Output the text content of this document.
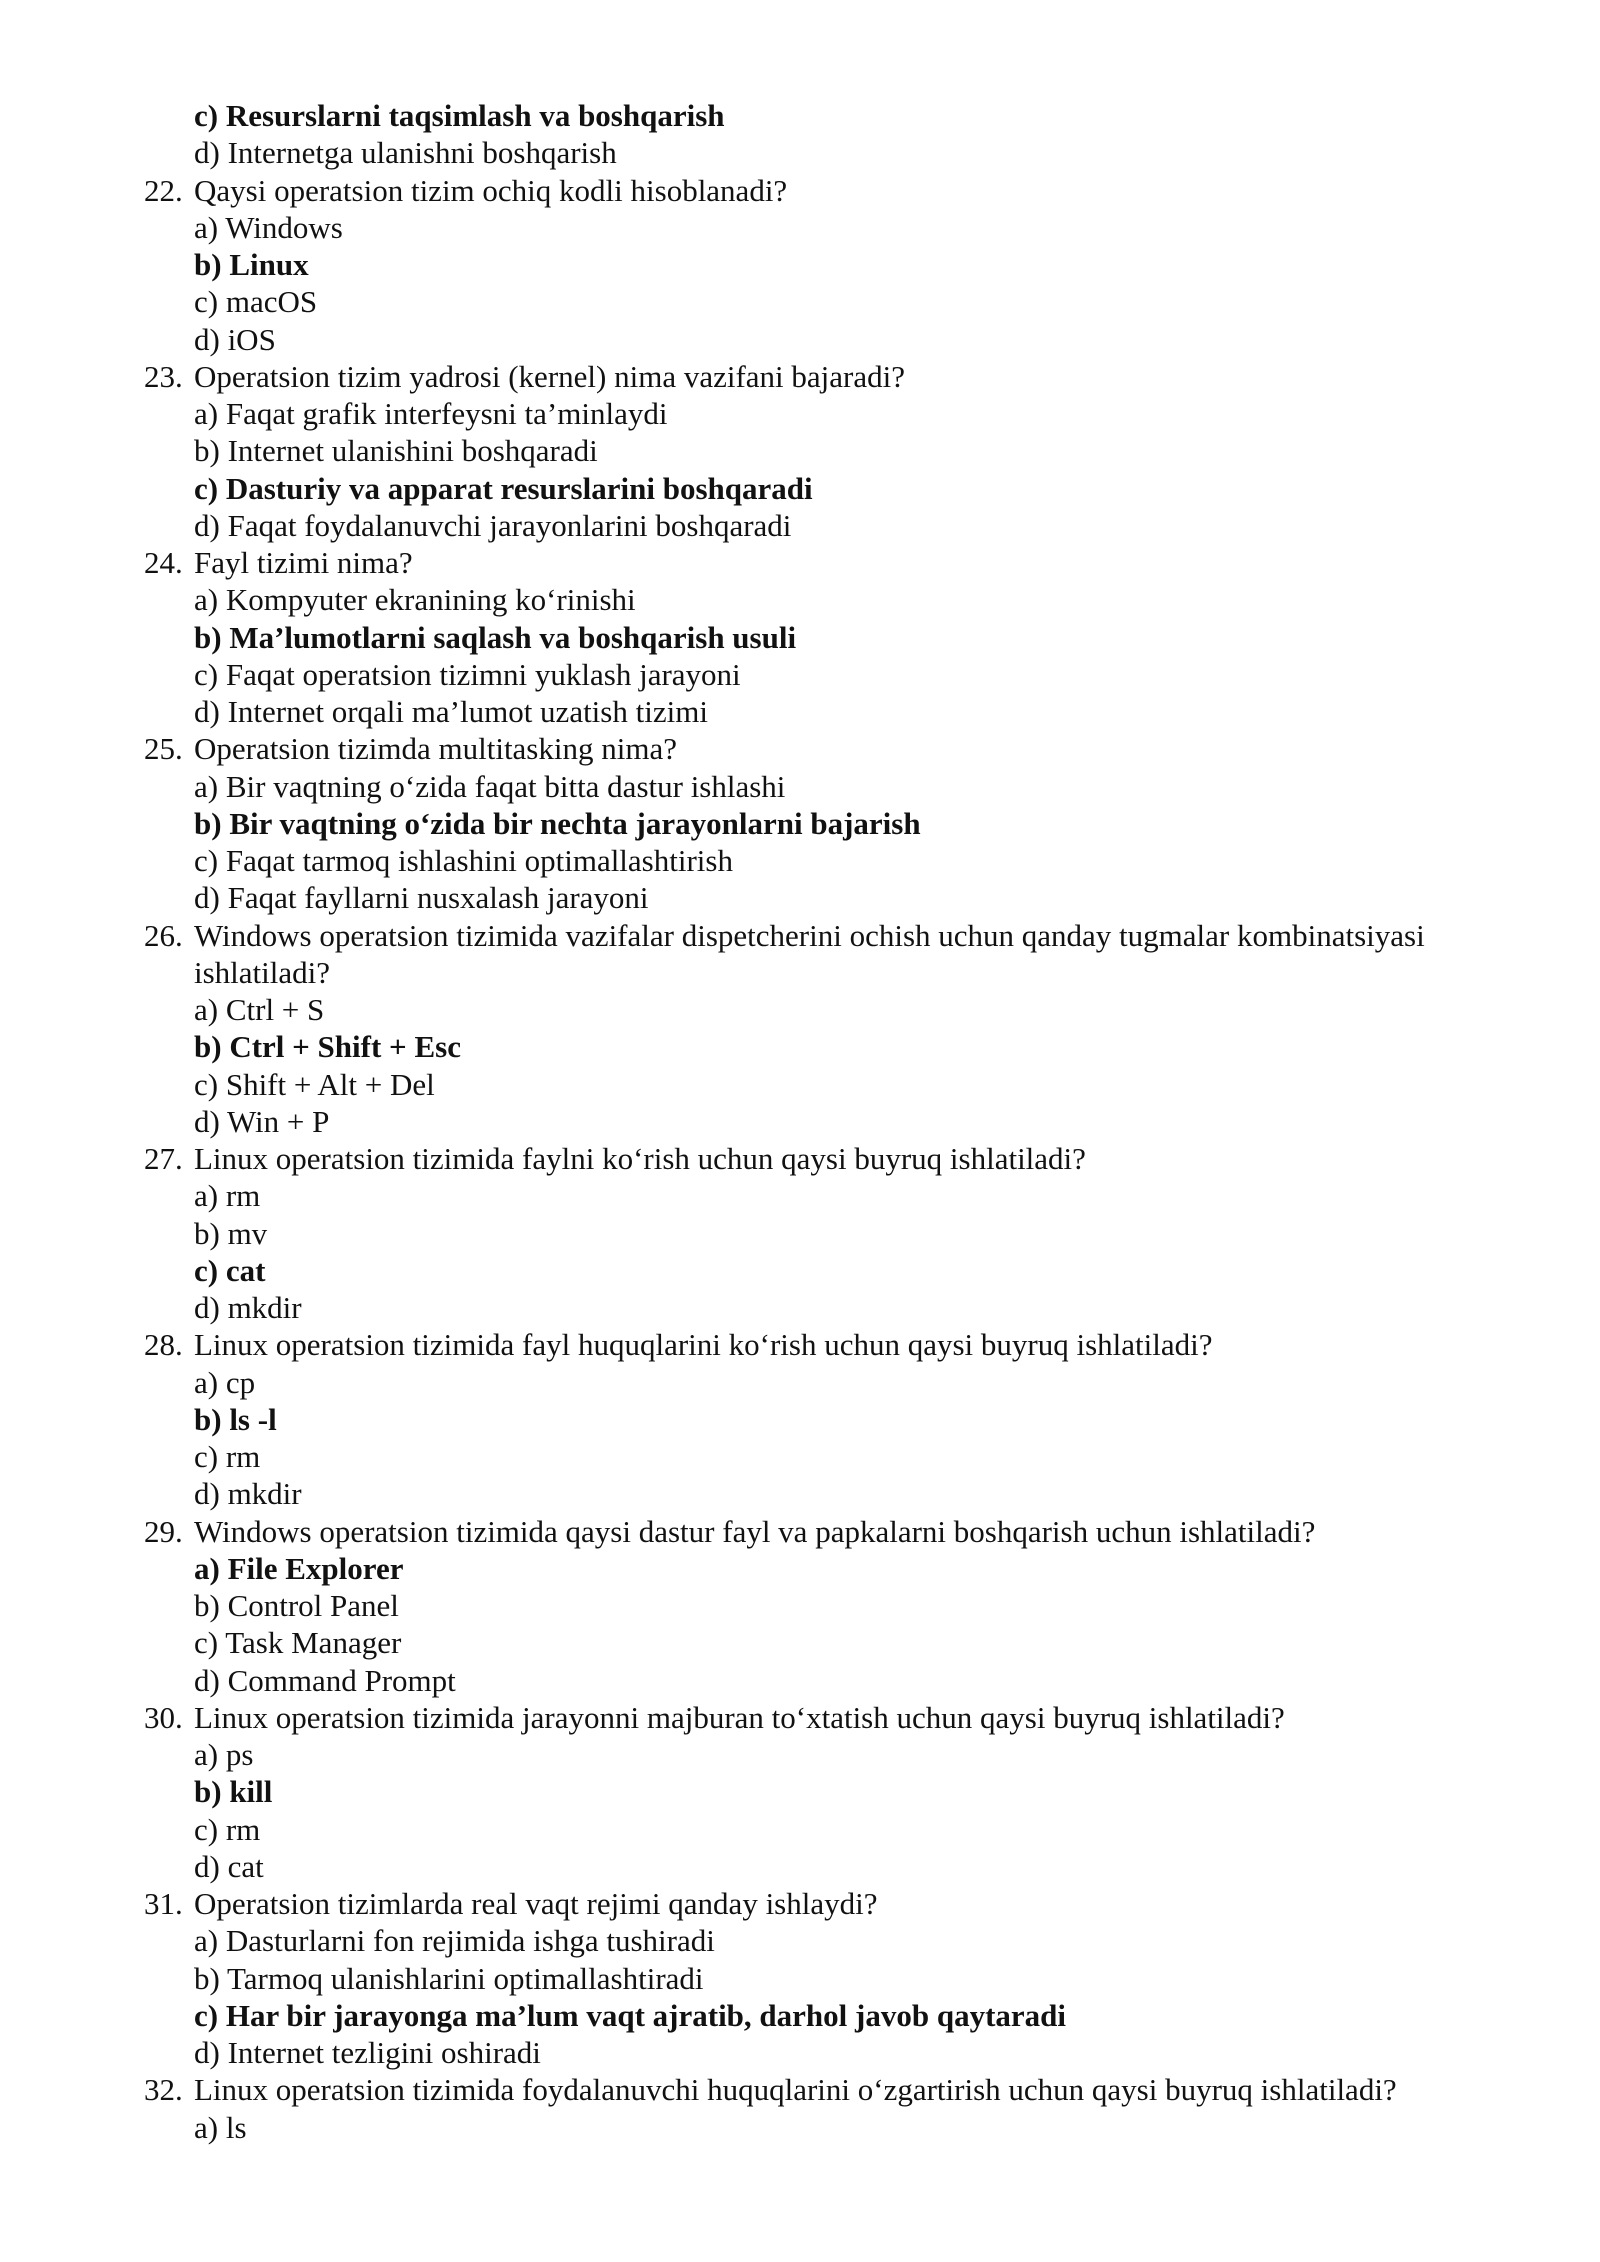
c) Resurslarni taqsimlash va boshqarish
d) Internetga ulanishni boshqarish
22. Qaysi operatsion tizim ochiq kodli hisoblanadi?
a) Windows
b) Linux
c) macOS
d) iOS
23. Operatsion tizim yadrosi (kernel) nima vazifani bajaradi?
a) Faqat grafik interfeysni ta’minlaydi
b) Internet ulanishini boshqaradi
c) Dasturiy va apparat resurslarini boshqaradi
d) Faqat foydalanuvchi jarayonlarini boshqaradi
24. Fayl tizimi nima?
a) Kompyuter ekranining ko‘rinishi
b) Ma’lumotlarni saqlash va boshqarish usuli
c) Faqat operatsion tizimni yuklash jarayoni
d) Internet orqali ma’lumot uzatish tizimi
25. Operatsion tizimda multitasking nima?
a) Bir vaqtning o‘zida faqat bitta dastur ishlashi
b) Bir vaqtning o‘zida bir nechta jarayonlarni bajarish
c) Faqat tarmoq ishlashini optimallashtirish
d) Faqat fayllarni nusxalash jarayoni
26. Windows operatsion tizimida vazifalar dispetcherini ochish uchun qanday tugmalar kombinatsiyasi
ishlatiladi?
a) Ctrl + S
b) Ctrl + Shift + Esc
c) Shift + Alt + Del
d) Win + P
27. Linux operatsion tizimida faylni ko‘rish uchun qaysi buyruq ishlatiladi?
a) rm
b) mv
c) cat
d) mkdir
28. Linux operatsion tizimida fayl huquqlarini ko‘rish uchun qaysi buyruq ishlatiladi?
a) cp
b) ls -l
c) rm
d) mkdir
29. Windows operatsion tizimida qaysi dastur fayl va papkalarni boshqarish uchun ishlatiladi?
a) File Explorer
b) Control Panel
c) Task Manager
d) Command Prompt
30. Linux operatsion tizimida jarayonni majburan to‘xtatish uchun qaysi buyruq ishlatiladi?
a) ps
b) kill
c) rm
d) cat
31. Operatsion tizimlarda real vaqt rejimi qanday ishlaydi?
a) Dasturlarni fon rejimida ishga tushiradi
b) Tarmoq ulanishlarini optimallashtiradi
c) Har bir jarayonga ma’lum vaqt ajratib, darhol javob qaytaradi
d) Internet tezligini oshiradi
32. Linux operatsion tizimida foydalanuvchi huquqlarini o‘zgartirish uchun qaysi buyruq ishlatiladi?
a) ls
